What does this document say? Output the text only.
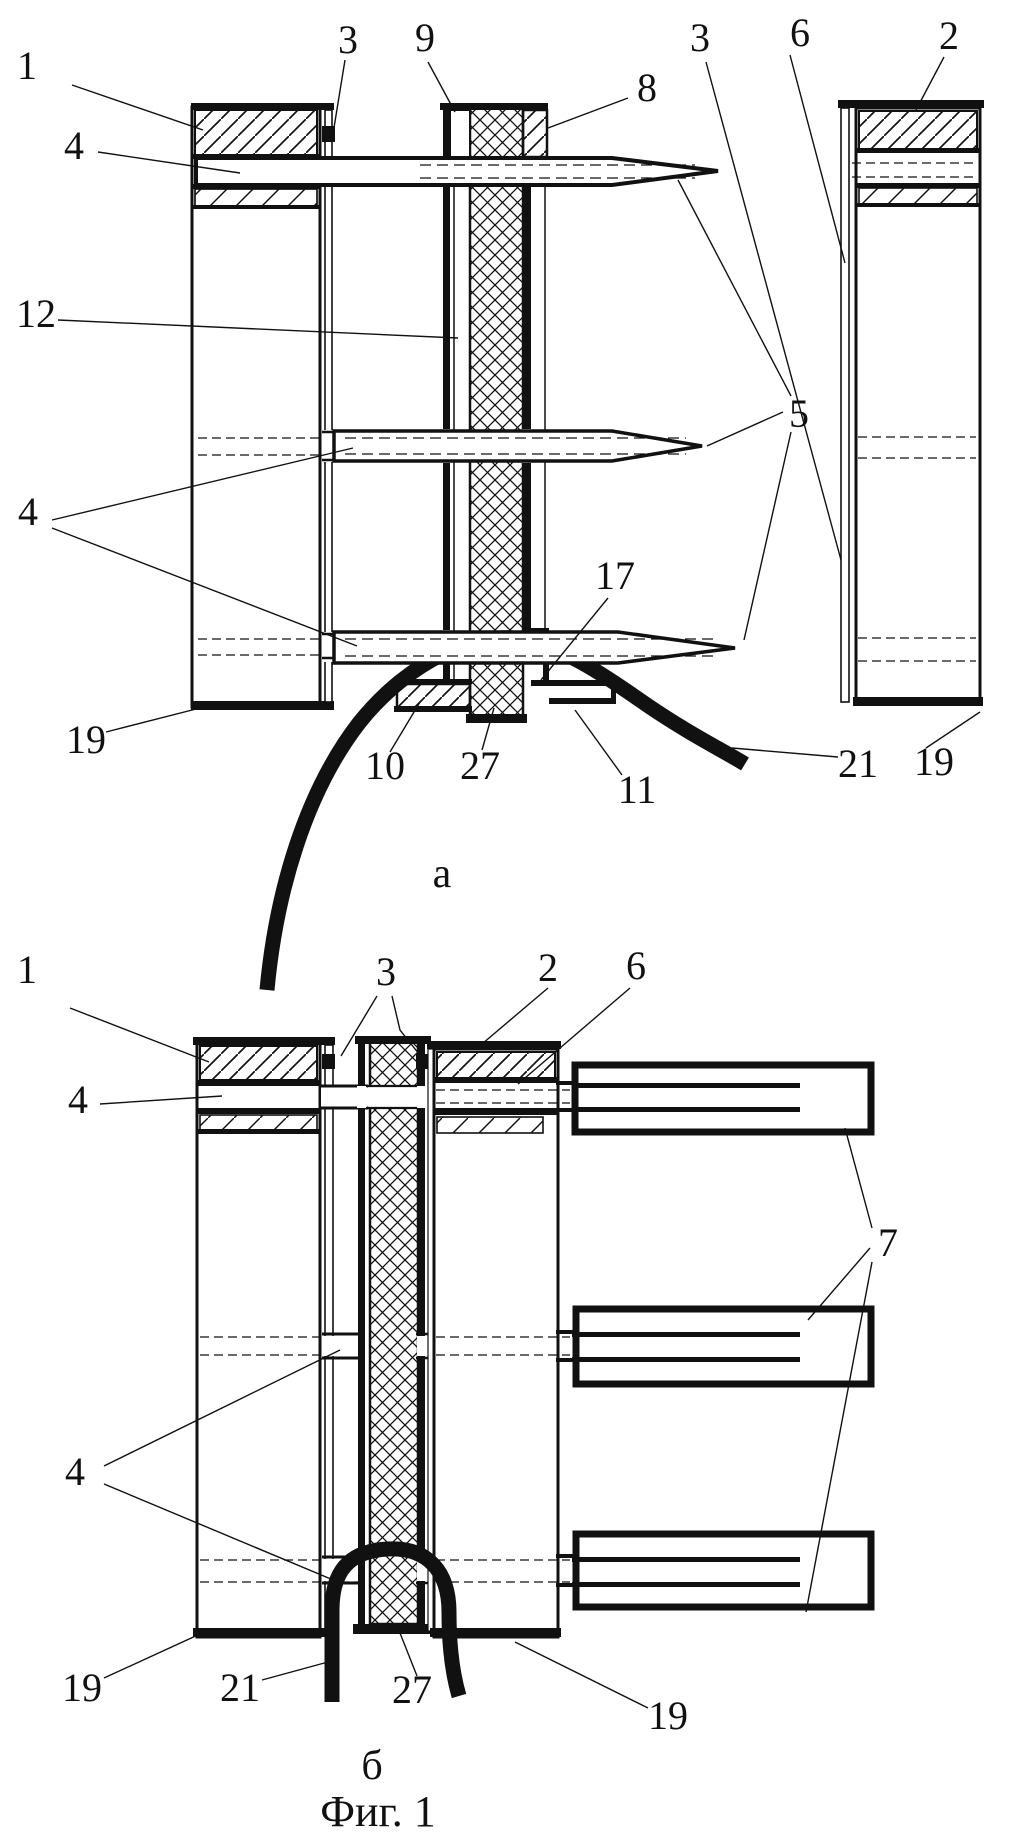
1
3 9
8
3 6	2
4
12
4
5
17
19
10 27
11
21 19
1	3	2 6
4
7
4
19	21	27
19
а
б
Фиг. 1
